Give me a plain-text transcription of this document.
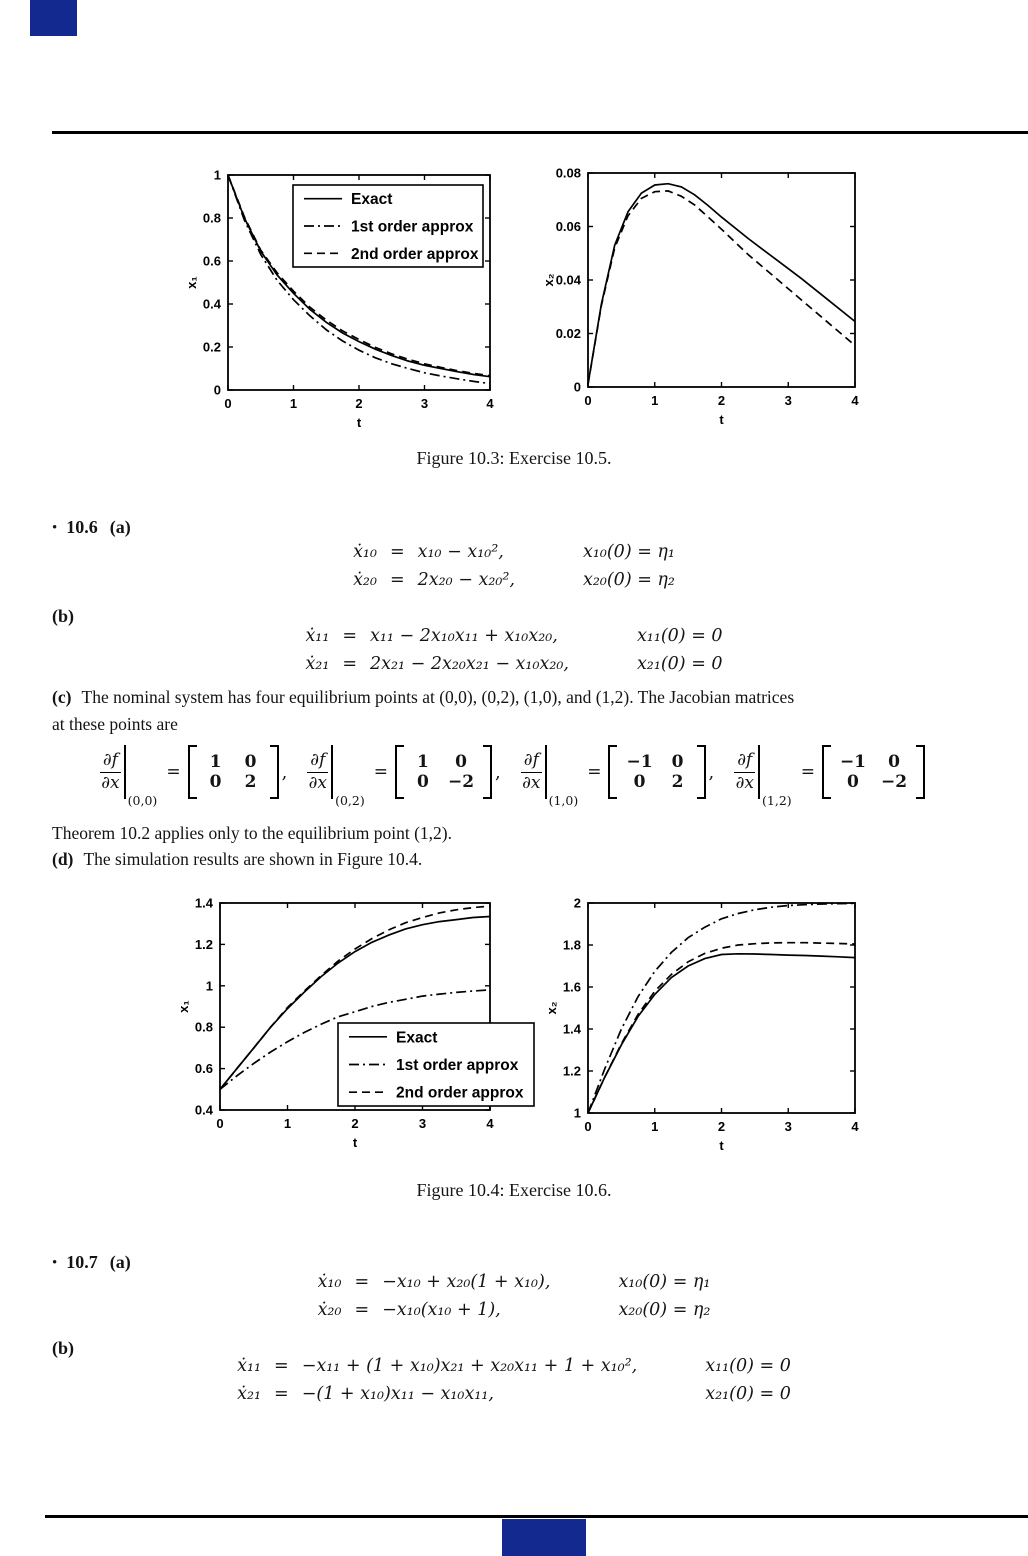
0	1	2	3	4
0
0.2
0.4
0.6
0.8
1
t
x₁
Exact
1st order approx
2nd order approx
0	1	2	3	4
0
0.02
0.04
0.06
0.08
t
x₂
Figure 10.3: Exercise 10.5.
• 10.6 (a)
ẋ₁₀ = x₁₀ − x₁₀²,	x₁₀(0) = η₁
ẋ₂₀ = 2x₂₀ − x₂₀²,	x₂₀(0) = η₂
(b)
ẋ₁₁ = x₁₁ − 2x₁₀x₁₁ + x₁₀x₂₀,	x₁₁(0) = 0
ẋ₂₁ = 2x₂₁ − 2x₂₀x₂₁ − x₁₀x₂₀,	x₂₁(0) = 0
(c) The nominal system has four equilibrium points at (0,0), (0,2), (1,0), and (1,2). The Jacobian matrices
at these points are
$\frac{\partial f}{\partial x}$
(0,0)
= 1 0
0 2 , $\frac{\partial f}{\partial x}$
(0,2)
= 1	0
0 −2 , $\frac{\partial f}{\partial x}$
(1,0)
= −1 0
0	2 , $\frac{\partial f}{\partial x}$
(1,2)
= −1	0
0	−2
Theorem 10.2 applies only to the equilibrium point (1,2).
(d) The simulation results are shown in Figure 10.4.
0	1	2	3	4
0.4
0.6
0.8
1
1.2
1.4
t
x₁
Exact
1st order approx
2nd order approx
0	1	2	3	4
1
1.2
1.4
1.6
1.8
2
t
x₂
Figure 10.4: Exercise 10.6.
• 10.7 (a)
ẋ₁₀ = −x₁₀ + x₂₀(1 + x₁₀),	x₁₀(0) = η₁
ẋ₂₀ = −x₁₀(x₁₀ + 1),	x₂₀(0) = η₂
(b)
ẋ₁₁ = −x₁₁ + (1 + x₁₀)x₂₁ + x₂₀x₁₁ + 1 + x₁₀²,	x₁₁(0) = 0
ẋ₂₁ = −(1 + x₁₀)x₁₁ − x₁₀x₁₁,	x₂₁(0) = 0
